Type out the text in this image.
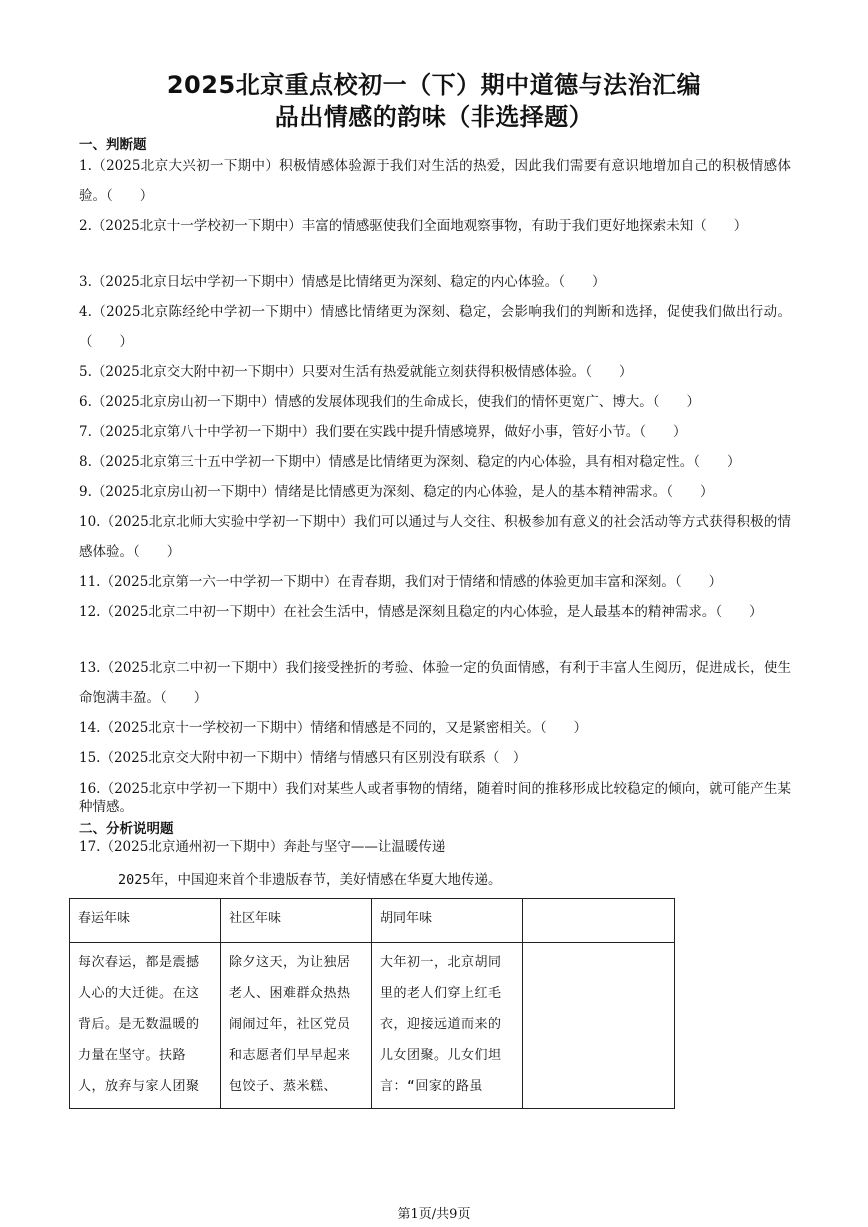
2025北京重点校初一（下）期中道德与法治汇编
品出情感的韵味（非选择题）
一、判断题
1.（2025北京大兴初一下期中）积极情感体验源于我们对生活的热爱，因此我们需要有意识地增加自己的积极情感体验。（　　）
2.（2025北京十一学校初一下期中）丰富的情感驱使我们全面地观察事物，有助于我们更好地探索未知（　　）
3.（2025北京日坛中学初一下期中）情感是比情绪更为深刻、稳定的内心体验。（　　）
4.（2025北京陈经纶中学初一下期中）情感比情绪更为深刻、稳定，会影响我们的判断和选择，促使我们做出行动。（　　）
5.（2025北京交大附中初一下期中）只要对生活有热爱就能立刻获得积极情感体验。（　　）
6.（2025北京房山初一下期中）情感的发展体现我们的生命成长，使我们的情怀更宽广、博大。（　　）
7.（2025北京第八十中学初一下期中）我们要在实践中提升情感境界，做好小事，管好小节。（　　）
8.（2025北京第三十五中学初一下期中）情感是比情绪更为深刻、稳定的内心体验，具有相对稳定性。（　　）
9.（2025北京房山初一下期中）情绪是比情感更为深刻、稳定的内心体验，是人的基本精神需求。（　　）
10.（2025北京北师大实验中学初一下期中）我们可以通过与人交往、积极参加有意义的社会活动等方式获得积极的情感体验。（　　）
11.（2025北京第一六一中学初一下期中）在青春期，我们对于情绪和情感的体验更加丰富和深刻。（　　）
12.（2025北京二中初一下期中）在社会生活中，情感是深刻且稳定的内心体验，是人最基本的精神需求。（　　）
13.（2025北京二中初一下期中）我们接受挫折的考验、体验一定的负面情感，有利于丰富人生阅历，促进成长，使生命饱满丰盈。（　　）
14.（2025北京十一学校初一下期中）情绪和情感是不同的，又是紧密相关。（　　）
15.（2025北京交大附中初一下期中）情绪与情感只有区别没有联系（　）
16.（2025北京中学初一下期中）我们对某些人或者事物的情绪，随着时间的推移形成比较稳定的倾向，就可能产生某种情感。
二、分析说明题
17.（2025北京通州初一下期中）奔赴与坚守——让温暖传递
2025年，中国迎来首个非遗版春节，美好情感在华夏大地传递。
春运年味	社区年味	胡同年味	
每次春运，都是震撼人心的大迁徙。在这背后。是无数温暖的力量在坚守。扶路人，放弃与家人团聚	除夕这天，为让独居老人、困难群众热热闹闹过年，社区党员和志愿者们早早起来包饺子、蒸米糕、	大年初一，北京胡同里的老人们穿上红毛衣，迎接远道而来的儿女团聚。儿女们坦言：“回家的路虽	
第1页/共9页
